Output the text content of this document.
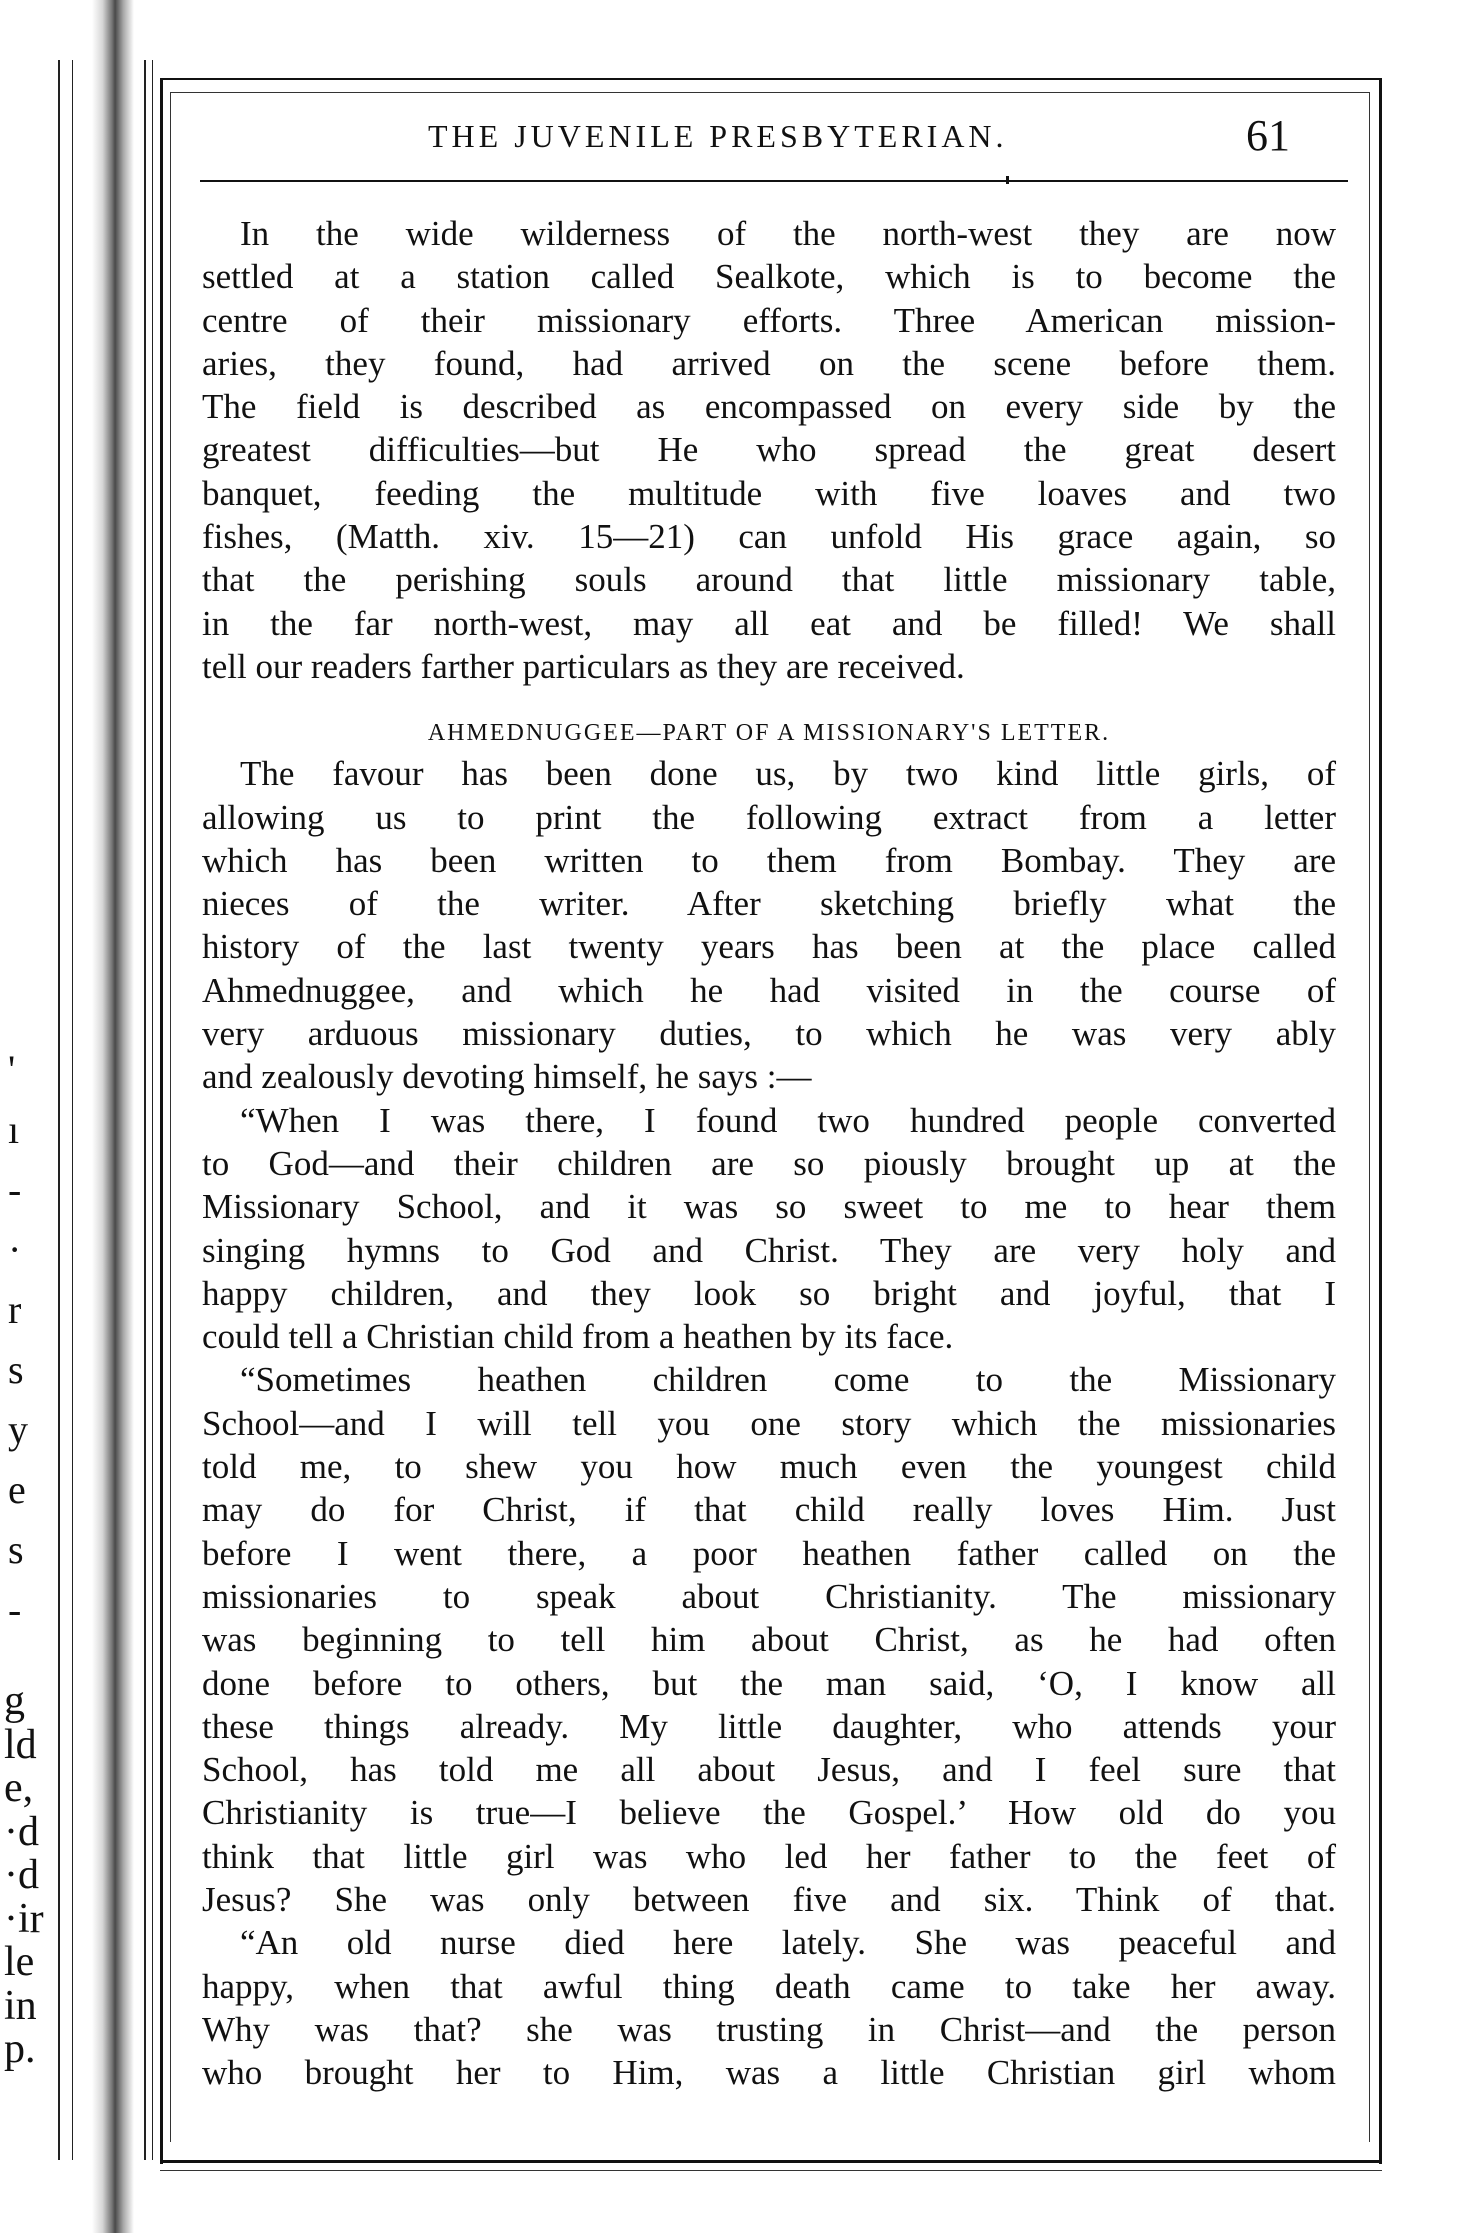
'
ı
-
·
r
s
y
e
s
-
g
ld
e,
·d
·d
·ir
le
in
p.
THE JUVENILE PRESBYTERIAN.	61
In the wide wilderness of the north-west they are now
settled at a station called Sealkote, which is to become the
centre of their missionary efforts. Three American mission-
aries, they found, had arrived on the scene before them.
The field is described as encompassed on every side by the
greatest difficulties—but He who spread the great desert
banquet, feeding the multitude with five loaves and two
fishes, (Matth. xiv. 15—21) can unfold His grace again, so
that the perishing souls around that little missionary table,
in the far north-west, may all eat and be filled! We shall
tell our readers farther particulars as they are received.
AHMEDNUGGEE—PART OF A MISSIONARY'S LETTER.
The favour has been done us, by two kind little girls, of
allowing us to print the following extract from a letter
which has been written to them from Bombay. They are
nieces of the writer. After sketching briefly what the
history of the last twenty years has been at the place called
Ahmednuggee, and which he had visited in the course of
very arduous missionary duties, to which he was very ably
and zealously devoting himself, he says :—
“When I was there, I found two hundred people converted
to God—and their children are so piously brought up at the
Missionary School, and it was so sweet to me to hear them
singing hymns to God and Christ. They are very holy and
happy children, and they look so bright and joyful, that I
could tell a Christian child from a heathen by its face.
“Sometimes heathen children come to the Missionary
School—and I will tell you one story which the missionaries
told me, to shew you how much even the youngest child
may do for Christ, if that child really loves Him. Just
before I went there, a poor heathen father called on the
missionaries to speak about Christianity. The missionary
was beginning to tell him about Christ, as he had often
done before to others, but the man said, ‘O, I know all
these things already. My little daughter, who attends your
School, has told me all about Jesus, and I feel sure that
Christianity is true—I believe the Gospel.’ How old do you
think that little girl was who led her father to the feet of
Jesus? She was only between five and six. Think of that.
“An old nurse died here lately. She was peaceful and
happy, when that awful thing death came to take her away.
Why was that? she was trusting in Christ—and the person
who brought her to Him, was a little Christian girl whom
